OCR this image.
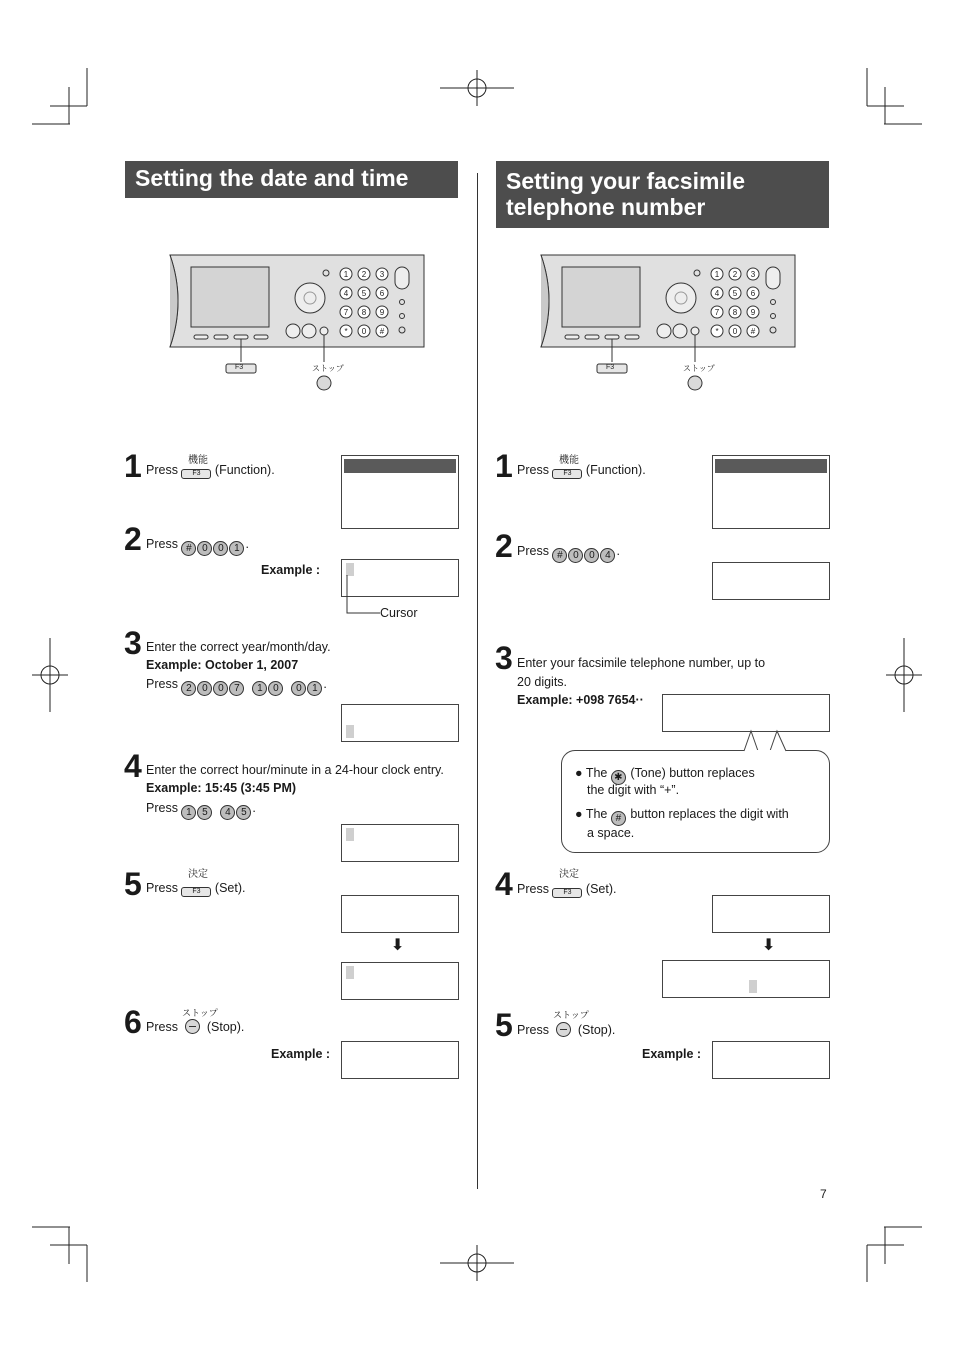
Setting the date and time
1 2 3
4 5 6
7 8 9
* 0 #
F3	ストップ
1	機能
Press F3 (Function).
2 Press # 0 0 1 .
Example :
Cursor
3 Enter the correct year/month/day.
Example: October 1, 2007
Press 2 0 0 7 1 0 0 1 .
4 Enter the correct hour/minute in a 24-hour clock entry.
Example: 15:45 (3:45 PM)
Press 1 5 4 5 .
5	決定
Press F3 (Set).
⬇
6	ストップ
Press (Stop).
Example :
Setting your facsimile
telephone number
1 2 3
4 5 6
7 8 9
* 0 #
F3	ストップ
1	機能
Press F3 (Function).
2 Press # 0 0 4 .
3 Enter your facsimile telephone number, up to
20 digits.
Example: +098 7654··
● The ✱ (Tone) button replaces
the digit with “+”.
● The # button replaces the digit with
a space.
4	決定
Press F3 (Set).
⬇
5	ストップ
Press (Stop).
Example :
7
